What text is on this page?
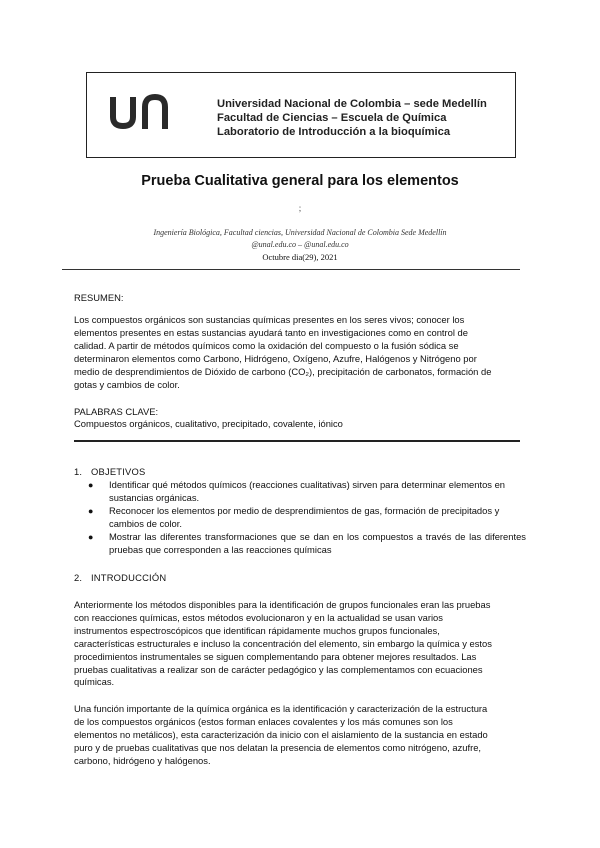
Universidad Nacional de Colombia – sede Medellín
Facultad de Ciencias – Escuela de Química
Laboratorio de Introducción a la bioquímica
Prueba Cualitativa general para los elementos
;
Ingeniería Biológica, Facultad ciencias, Universidad Nacional de Colombia Sede Medellín
@unal.edu.co – @unal.edu.co
Octubre dia(29), 2021
RESUMEN:
Los compuestos orgánicos son sustancias químicas presentes en los seres vivos; conocer los
elementos presentes en estas sustancias ayudará tanto en investigaciones como en control de
calidad. A partir de métodos químicos como la oxidación del compuesto o la fusión sódica se
determinaron elementos como Carbono, Hidrógeno, Oxígeno, Azufre, Halógenos y Nitrógeno por
medio de desprendimientos de Dióxido de carbono (CO₂), precipitación de carbonatos, formación de
gotas y cambios de color.
PALABRAS CLAVE:
Compuestos orgánicos, cualitativo, precipitado, covalente, iónico
1. OBJETIVOS
● Identificar qué métodos químicos (reacciones cualitativas) sirven para determinar elementos en sustancias orgánicas.
● Reconocer los elementos por medio de desprendimientos de gas, formación de precipitados y cambios de color.
● Mostrar las diferentes transformaciones que se dan en los compuestos a través de las diferentes pruebas que corresponden a las reacciones químicas
2. INTRODUCCIÓN
Anteriormente los métodos disponibles para la identificación de grupos funcionales eran las pruebas
con reacciones químicas, estos métodos evolucionaron y en la actualidad se usan varios
instrumentos espectroscópicos que identifican rápidamente muchos grupos funcionales,
características estructurales e incluso la concentración del elemento, sin embargo la química y estos
procedimientos instrumentales se siguen complementando para obtener mejores resultados. Las
pruebas cualitativas a realizar son de carácter pedagógico y las complementamos con ecuaciones
químicas.
Una función importante de la química orgánica es la identificación y caracterización de la estructura
de los compuestos orgánicos (estos forman enlaces covalentes y los más comunes son los
elementos no metálicos), esta caracterización da inicio con el aislamiento de la sustancia en estado
puro y de pruebas cualitativas que nos delatan la presencia de elementos como nitrógeno, azufre,
carbono, hidrógeno y halógenos.
